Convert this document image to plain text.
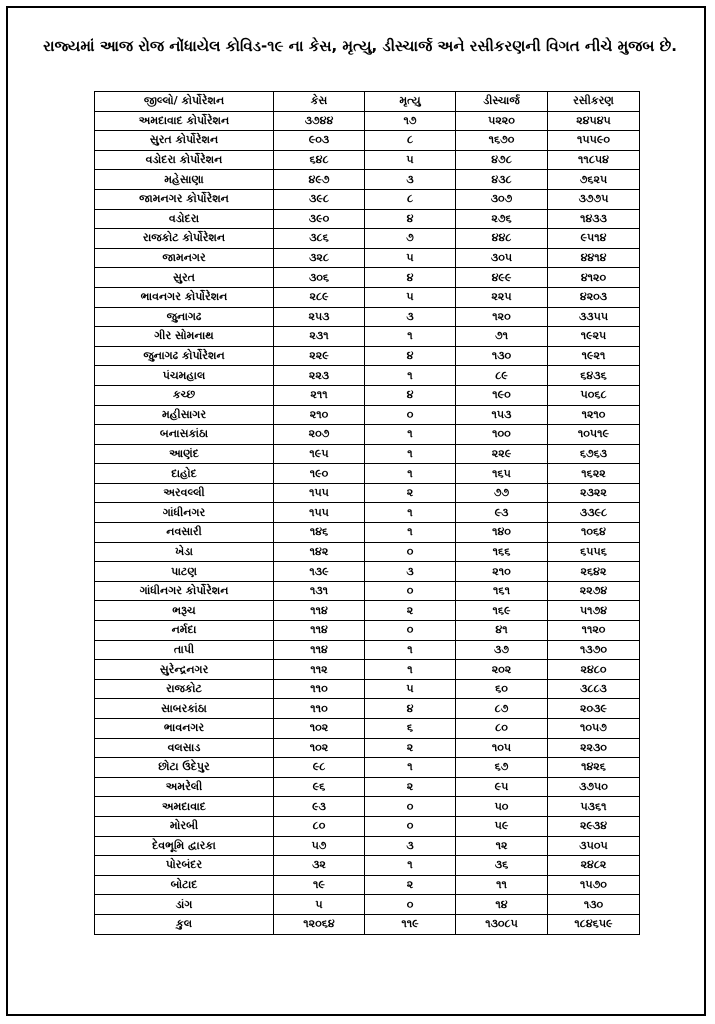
રાજ્યમાં આજ રોજ નોંધાયેલ કોવિડ-૧૯ ના કેસ, મૃત્યુ, ડીસ્ચાર્જ અને રસીકરણની વિગત નીચે મુજબ છે.
જીલ્લો/ કોર્પોરેશન	કેસ	મૃત્યુ	ડીસ્ચાર્જ	રસીકરણ
અમદાવાદ કોર્પોરેશન	૩૭૪૪	૧૭	૫૨૨૦	૨૪૫૪૫
સુરત કોર્પોરેશન	૯૦૩	૮	૧૬૭૦	૧૫૫૯૦
વડોદરા કોર્પોરેશન	૬૪૮	૫	૪૭૮	૧૧૮૫૪
મહેસાણા	૪૯૭	૩	૪૩૮	૭૬૨૫
જામનગર કોર્પોરેશન	૩૯૮	૮	૩૦૭	૩૭૭૫
વડોદરા	૩૯૦	૪	૨૭૬	૧૪૩૩
રાજકોટ કોર્પોરેશન	૩૮૬	૭	૪૪૮	૯૫૧૪
જામનગર	૩૨૮	૫	૩૦૫	૪૪૧૪
સુરત	૩૦૬	૪	૪૯૯	૪૧૨૦
ભાવનગર કોર્પોરેશન	૨૮૯	૫	૨૨૫	૪૨૦૩
જુનાગઢ	૨૫૩	૩	૧૨૦	૩૩૫૫
ગીર સોમનાથ	૨૩૧	૧	૭૧	૧૯૨૫
જુનાગઢ કોર્પોરેશન	૨૨૯	૪	૧૩૦	૧૯૨૧
પંચમહાલ	૨૨૩	૧	૮૯	૬૪૩૬
કચ્છ	૨૧૧	૪	૧૯૦	૫૦૬૮
મહીસાગર	૨૧૦	૦	૧૫૩	૧૨૧૦
બનાસકાંઠા	૨૦૭	૧	૧૦૦	૧૦૫૧૯
આણંદ	૧૯૫	૧	૨૨૯	૬૭૬૩
દાહોદ	૧૯૦	૧	૧૬૫	૧૬૨૨
અરવલ્લી	૧૫૫	૨	૭૭	૨૩૨૨
ગાંધીનગર	૧૫૫	૧	૯૩	૩૩૯૮
નવસારી	૧૪૬	૧	૧૪૦	૧૦૬૪
ખેડા	૧૪૨	૦	૧૬૬	૬૫૫૬
પાટણ	૧૩૯	૩	૨૧૦	૨૬૪૨
ગાંધીનગર કોર્પોરેશન	૧૩૧	૦	૧૬૧	૨૨૭૪
ભરૂચ	૧૧૪	૨	૧૬૯	૫૧૭૪
નર્મદા	૧૧૪	૦	૪૧	૧૧૨૦
તાપી	૧૧૪	૧	૩૭	૧૩૭૦
સુરેન્દ્રનગર	૧૧૨	૧	૨૦૨	૨૪૮૦
રાજકોટ	૧૧૦	૫	૬૦	૩૮૮૩
સાબરકાંઠા	૧૧૦	૪	૮૭	૨૦૩૯
ભાવનગર	૧૦૨	૬	૮૦	૧૦૫૭
વલસાડ	૧૦૨	૨	૧૦૫	૨૨૩૦
છોટા ઉદેપુર	૯૮	૧	૬૭	૧૪૨૬
અમરેલી	૯૬	૨	૯૫	૩૭૫૦
અમદાવાદ	૯૩	૦	૫૦	૫૩૬૧
મોરબી	૮૦	૦	૫૯	૨૯૩૪
દેવભૂમિ દ્વારકા	૫૭	૩	૧૨	૩૫૦૫
પોરબંદર	૩૨	૧	૩૬	૨૪૮૨
બોટાદ	૧૯	૨	૧૧	૧૫૭૦
ડાંગ	૫	૦	૧૪	૧૩૦
કુલ	૧૨૦૬૪	૧૧૯	૧૩૦૮૫	૧૮૪૬૫૯
